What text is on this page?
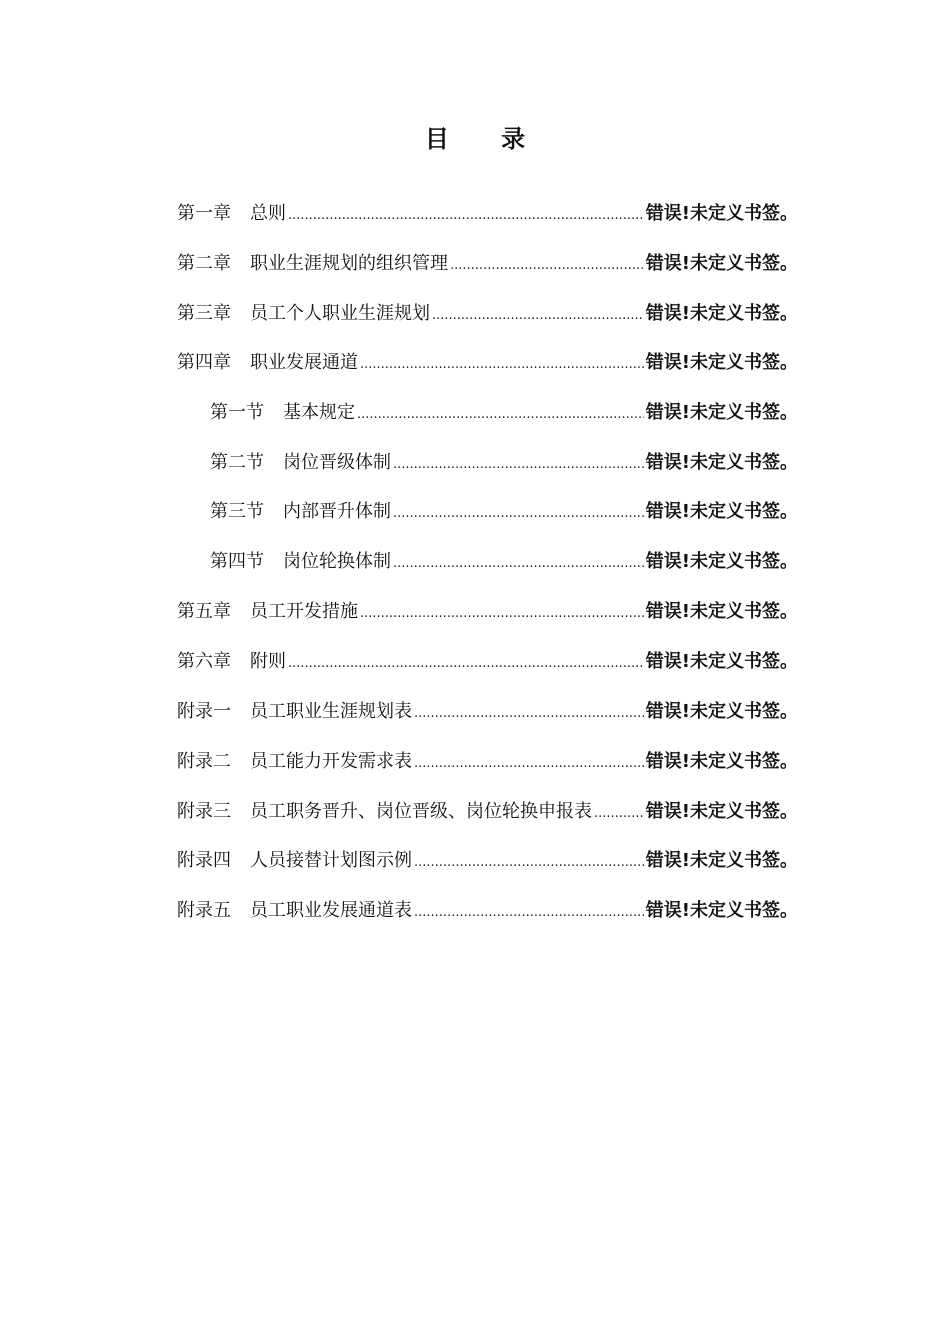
目 录
第一章 总则 .....	错误!未定义书签。
第二章 职业生涯规划的组织管理 .....	错误!未定义书签。
第三章 员工个人职业生涯规划 .....	错误!未定义书签。
第四章 职业发展通道 .....	错误!未定义书签。
第一节 基本规定 .....	错误!未定义书签。
第二节 岗位晋级体制 .....	错误!未定义书签。
第三节 内部晋升体制 .....	错误!未定义书签。
第四节 岗位轮换体制 .....	错误!未定义书签。
第五章 员工开发措施 .....	错误!未定义书签。
第六章 附则 .....	错误!未定义书签。
附录一 员工职业生涯规划表 .....	错误!未定义书签。
附录二 员工能力开发需求表 .....	错误!未定义书签。
附录三 员工职务晋升、岗位晋级、岗位轮换申报表 .....	错误!未定义书签。
附录四 人员接替计划图示例 .....	错误!未定义书签。
附录五 员工职业发展通道表 .....	错误!未定义书签。
